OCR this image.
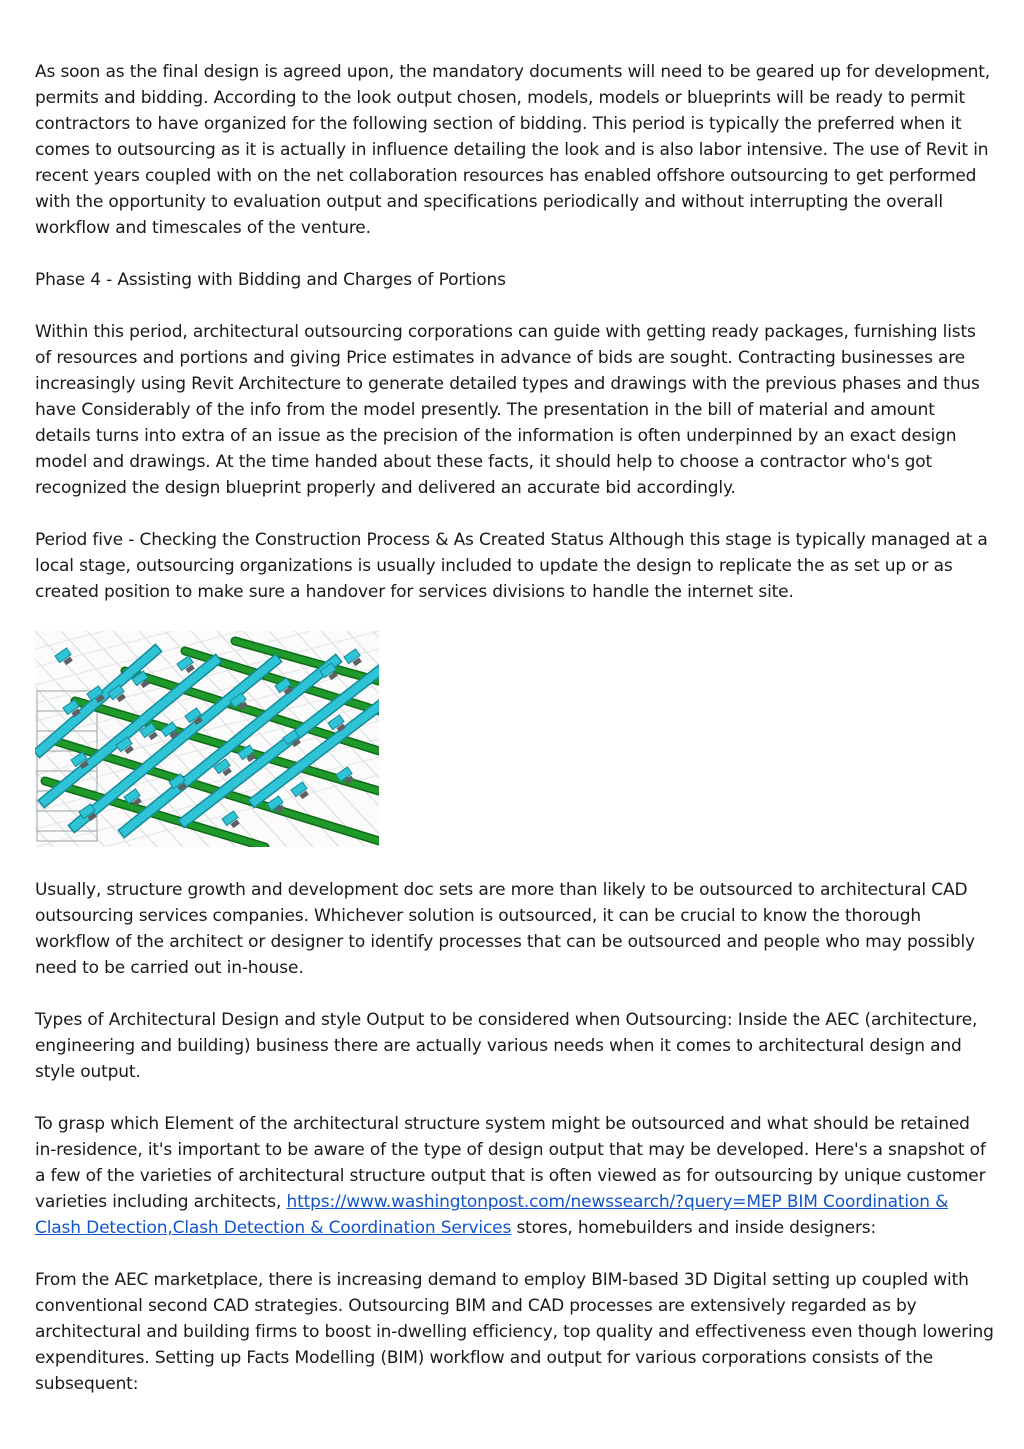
As soon as the final design is agreed upon, the mandatory documents will need to be geared up for development, permits and bidding. According to the look output chosen, models, models or blueprints will be ready to permit contractors to have organized for the following section of bidding. This period is typically the preferred when it comes to outsourcing as it is actually in influence detailing the look and is also labor intensive. The use of Revit in recent years coupled with on the net collaboration resources has enabled offshore outsourcing to get performed with the opportunity to evaluation output and specifications periodically and without interrupting the overall workflow and timescales of the venture.

Phase 4 - Assisting with Bidding and Charges of Portions

Within this period, architectural outsourcing corporations can guide with getting ready packages, furnishing lists of resources and portions and giving Price estimates in advance of bids are sought. Contracting businesses are increasingly using Revit Architecture to generate detailed types and drawings with the previous phases and thus have Considerably of the info from the model presently. The presentation in the bill of material and amount details turns into extra of an issue as the precision of the information is often underpinned by an exact design model and drawings. At the time handed about these facts, it should help to choose a contractor who's got recognized the design blueprint properly and delivered an accurate bid accordingly.

Period five - Checking the Construction Process & As Created Status Although this stage is typically managed at a local stage, outsourcing organizations is usually included to update the design to replicate the as set up or as created position to make sure a handover for services divisions to handle the internet site.

Usually, structure growth and development doc sets are more than likely to be outsourced to architectural CAD outsourcing services companies. Whichever solution is outsourced, it can be crucial to know the thorough workflow of the architect or designer to identify processes that can be outsourced and people who may possibly need to be carried out in-house.

Types of Architectural Design and style Output to be considered when Outsourcing: Inside the AEC (architecture, engineering and building) business there are actually various needs when it comes to architectural design and style output.

To grasp which Element of the architectural structure system might be outsourced and what should be retained in-residence, it's important to be aware of the type of design output that may be developed. Here's a snapshot of a few of the varieties of architectural structure output that is often viewed as for outsourcing by unique customer varieties including architects, https://www.washingtonpost.com/newssearch/?query=MEP BIM Coordination & Clash Detection,Clash Detection & Coordination Services stores, homebuilders and inside designers:

From the AEC marketplace, there is increasing demand to employ BIM-based 3D Digital setting up coupled with conventional second CAD strategies. Outsourcing BIM and CAD processes are extensively regarded as by architectural and building firms to boost in-dwelling efficiency, top quality and effectiveness even though lowering expenditures. Setting up Facts Modelling (BIM) workflow and output for various corporations consists of the subsequent:
